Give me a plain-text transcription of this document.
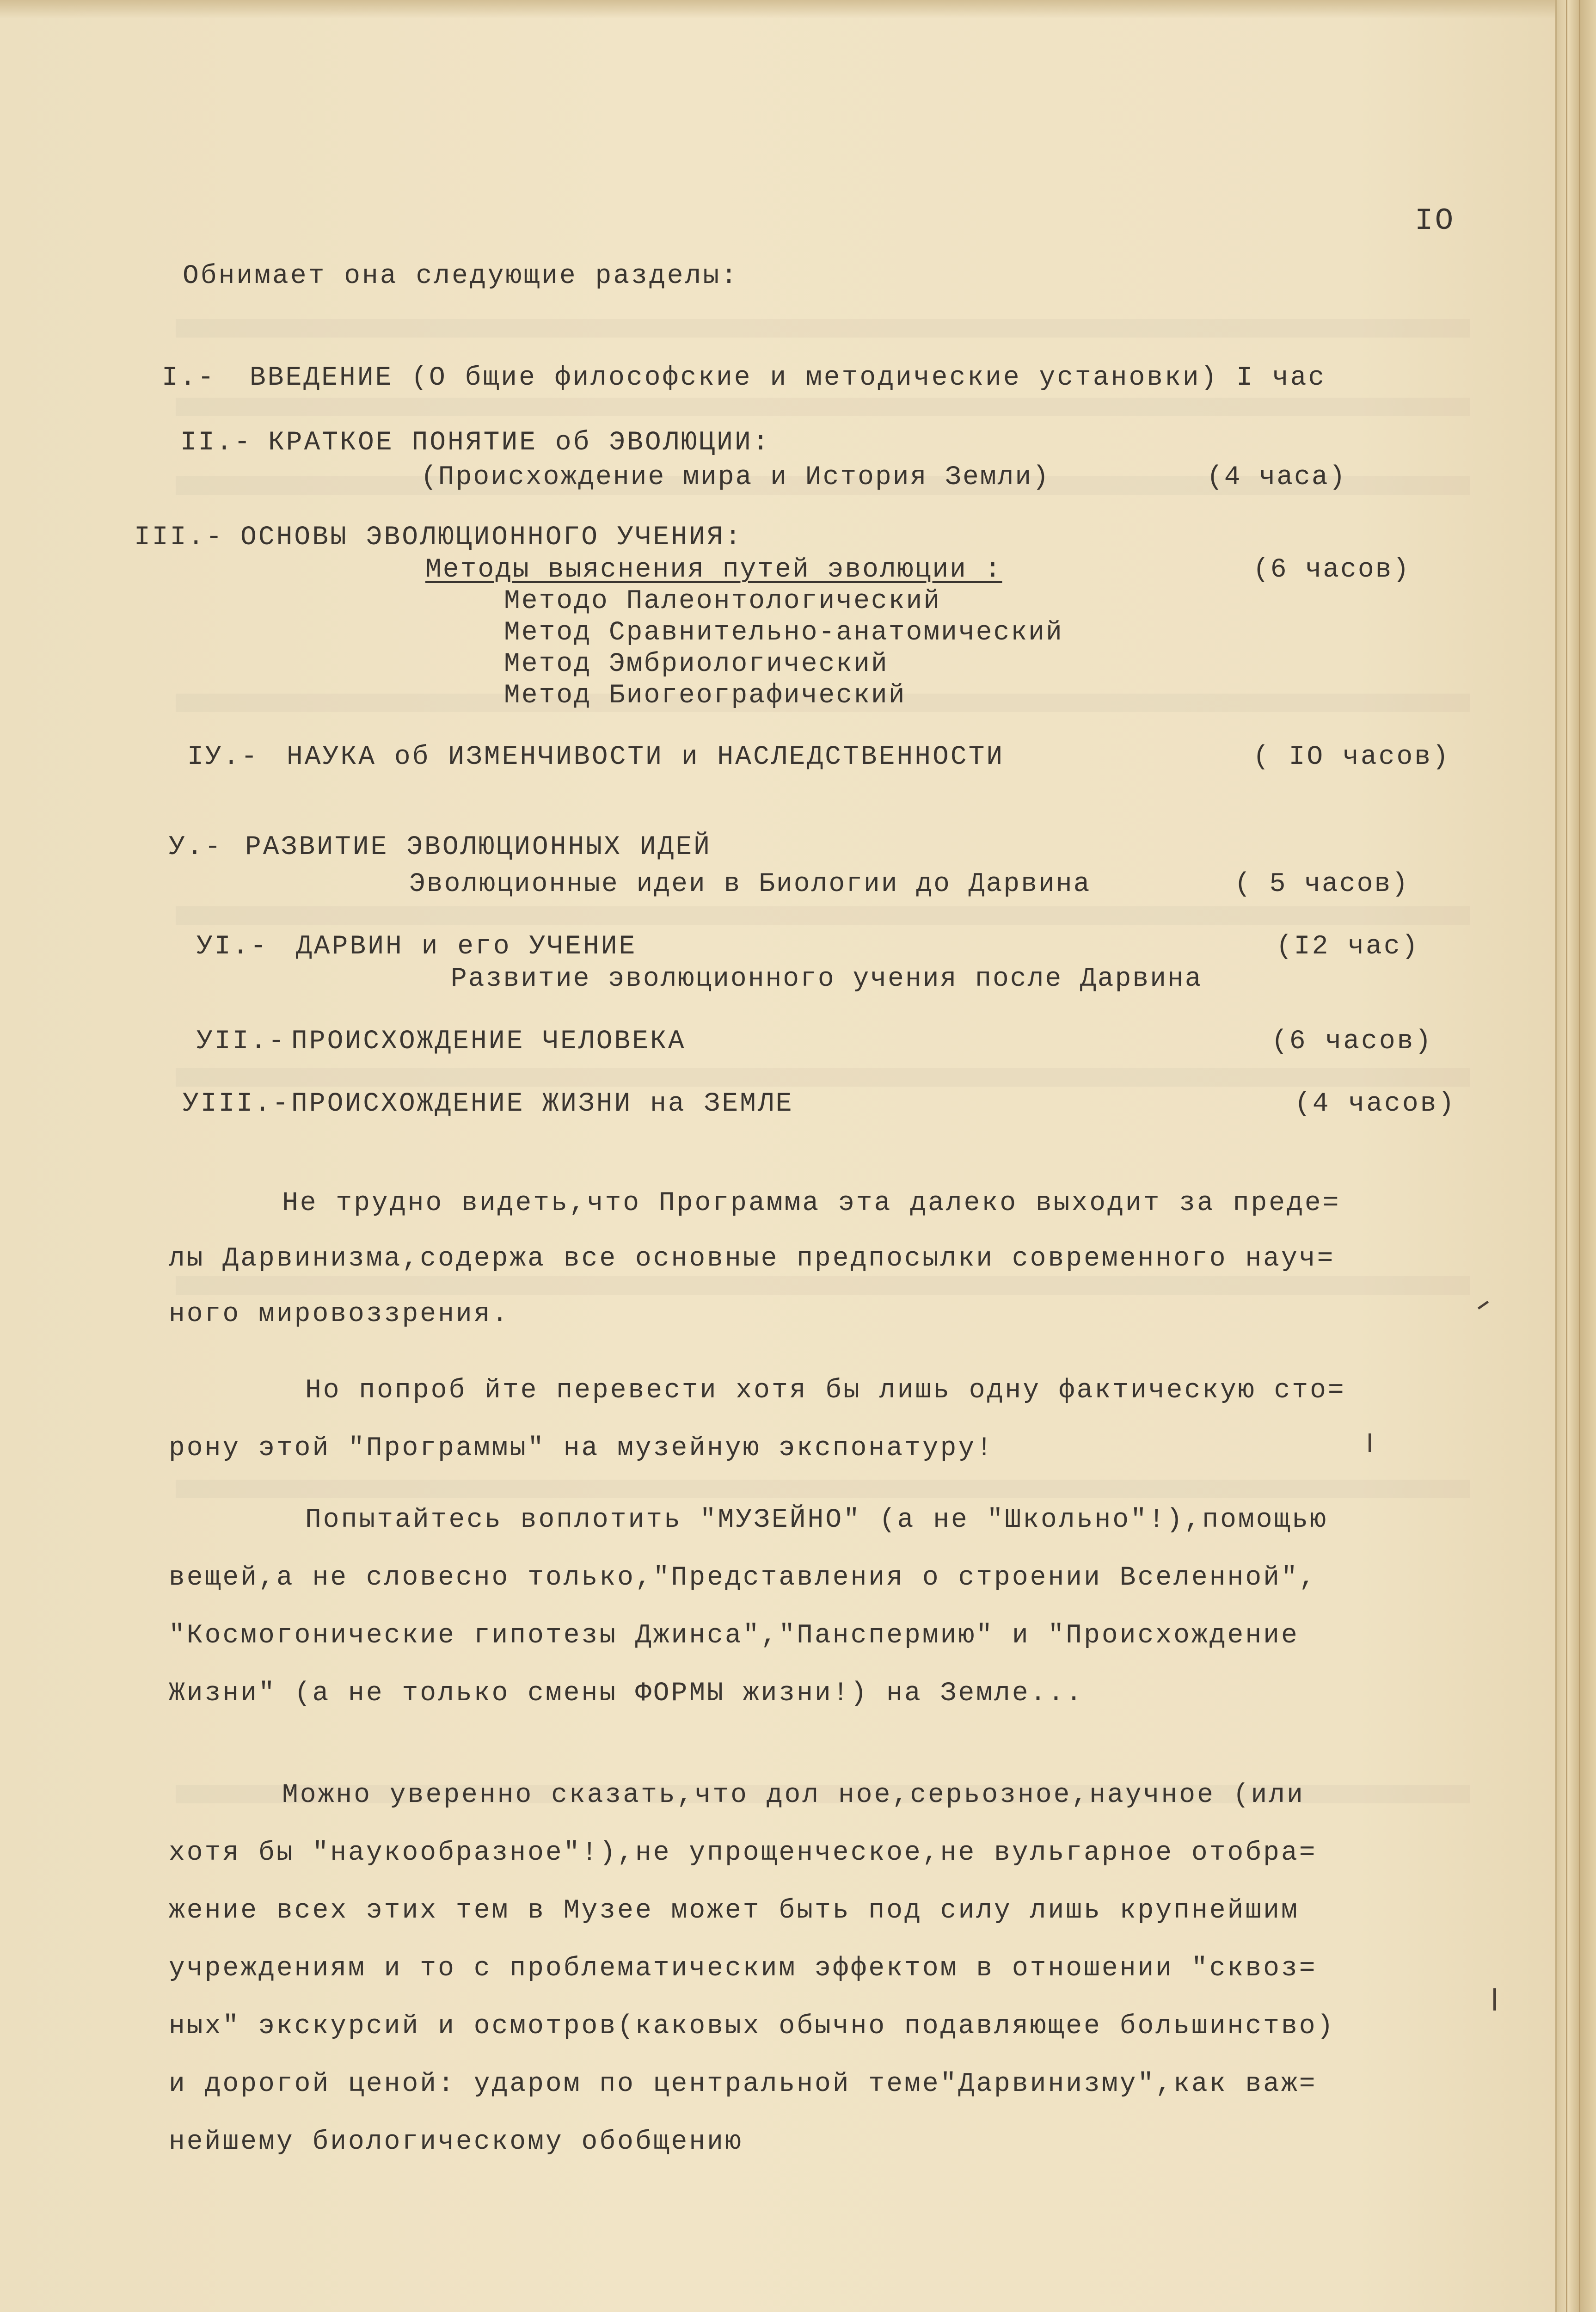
IO
Обнимает она следующие разделы:
I.- ВВЕДЕНИЕ (О бщие философские и методические установки) I час
II.- КРАТКОЕ ПОНЯТИЕ об ЭВОЛЮЦИИ:
(Происхождение мира и История Земли)	(4 часа)
III.- ОСНОВЫ ЭВОЛЮЦИОННОГО УЧЕНИЯ:
Методы выяснения путей эволюции :	(6 часов)
Методо Палеонтологический
Метод Сравнительно-анатомический
Метод Эмбриологический
Метод Биогеографический
IУ.- НАУКА об ИЗМЕНЧИВОСТИ и НАСЛЕДСТВЕННОСТИ	( IO часов)
У.- РАЗВИТИЕ ЭВОЛЮЦИОННЫХ ИДЕЙ
Эволюционные идеи в Биологии до Дарвина	( 5 часов)
УI.- ДАРВИН и его УЧЕНИЕ	(I2 час)
Развитие эволюционного учения после Дарвина
УII.- ПРОИСХОЖДЕНИЕ ЧЕЛОВЕКА	(6 часов)
УIII.- ПРОИСХОЖДЕНИЕ ЖИЗНИ на ЗЕМЛЕ	(4 часов)
Не трудно видеть,что Программа эта далеко выходит за преде=
лы Дарвинизма,содержа все основные предпосылки современного науч=
ного мировоззрения.
Но попроб йте перевести хотя бы лишь одну фактическую сто=
рону этой "Программы" на музейную экспонатуру!
Попытайтесь воплотить "МУЗЕЙНО" (а не "Школьно"!),помощью
вещей,а не словесно только,"Представления о строении Вселенной",
"Космогонические гипотезы Джинса","Панспермию" и "Происхождение
Жизни" (а не только смены ФОРМЫ жизни!) на Земле...
Можно уверенно сказать,что дол ное,серьозное,научное (или
хотя бы "наукообразное"!),не упрощенческое,не вульгарное отобра=
жение всех этих тем в Музее может быть под силу лишь крупнейшим
учреждениям и то с проблематическим эффектом в отношении "сквоз=
ных" экскурсий и осмотров(каковых обычно подавляющее большинство)
и дорогой ценой: ударом по центральной теме"Дарвинизму",как важ=
нейшему биологическому обобщению
